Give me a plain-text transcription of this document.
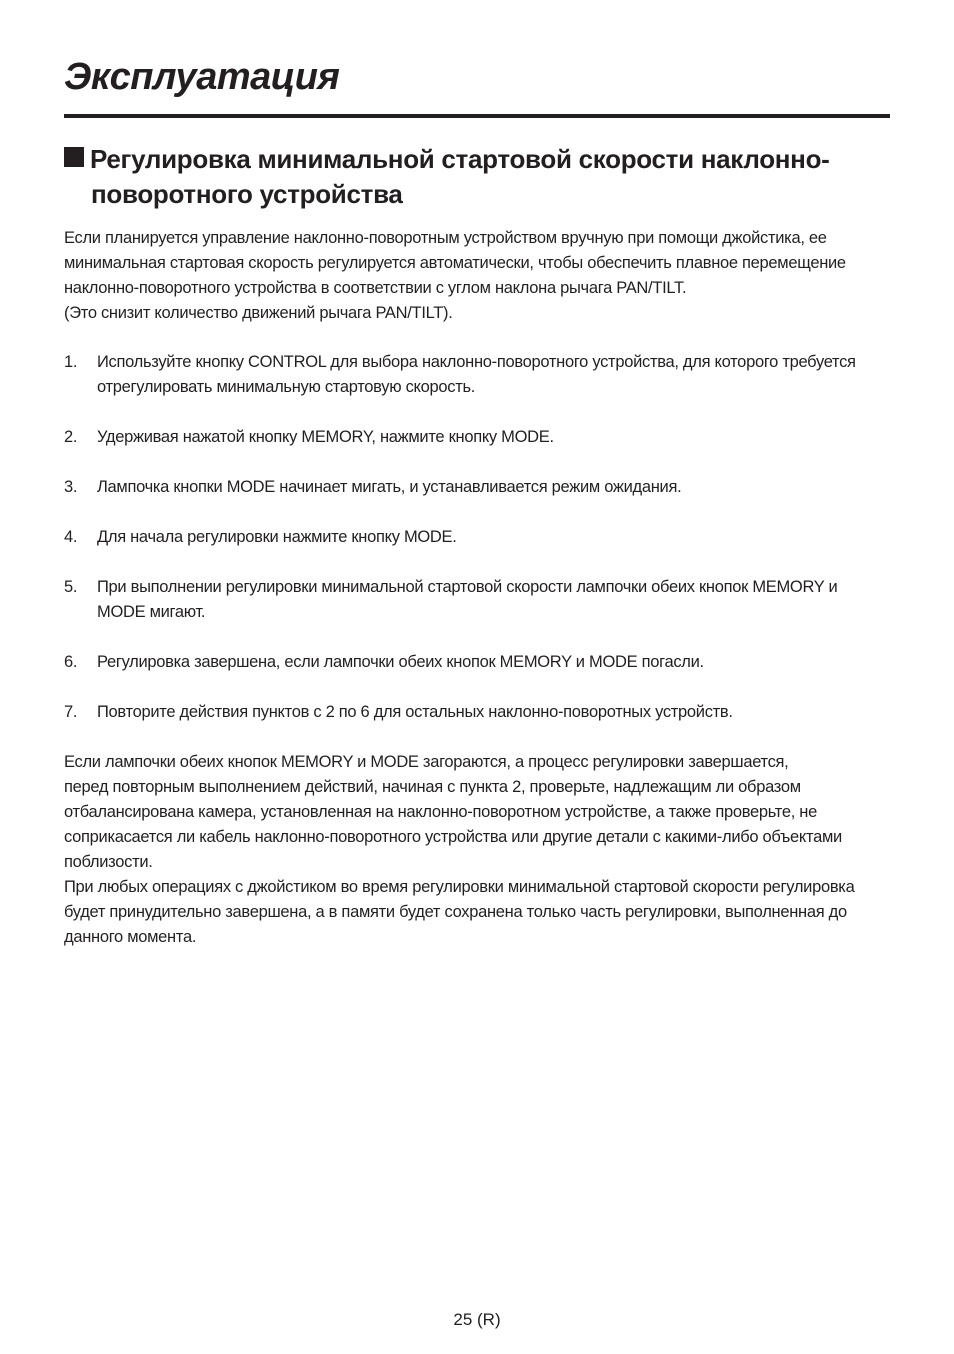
Эксплуатация
Регулировка минимальной стартовой скорости наклонно-
поворотного устройства
Если планируется управление наклонно-поворотным устройством вручную при помощи джойстика, ее
минимальная стартовая скорость регулируется автоматически, чтобы обеспечить плавное перемещение
наклонно-поворотного устройства в соответствии с углом наклона рычага PAN/TILT.
(Это снизит количество движений рычага PAN/TILT).
1. Используйте кнопку CONTROL для выбора наклонно-поворотного устройства, для которого требуется
отрегулировать минимальную стартовую скорость.
2. Удерживая нажатой кнопку MEMORY, нажмите кнопку MODE.
3. Лампочка кнопки MODE начинает мигать, и устанавливается режим ожидания.
4. Для начала регулировки нажмите кнопку MODE.
5. При выполнении регулировки минимальной стартовой скорости лампочки обеих кнопок MEMORY и
MODE мигают.
6. Регулировка завершена, если лампочки обеих кнопок MEMORY и MODE погасли.
7. Повторите действия пунктов с 2 по 6 для остальных наклонно-поворотных устройств.
Если лампочки обеих кнопок MEMORY и MODE загораются, а процесс регулировки завершается,
перед повторным выполнением действий, начиная с пункта 2, проверьте, надлежащим ли образом
отбалансирована камера, установленная на наклонно-поворотном устройстве, а также проверьте, не
соприкасается ли кабель наклонно-поворотного устройства или другие детали с какими-либо объектами
поблизости.
При любых операциях с джойстиком во время регулировки минимальной стартовой скорости регулировка
будет принудительно завершена, а в памяти будет сохранена только часть регулировки, выполненная до
данного момента.
25 (R)
